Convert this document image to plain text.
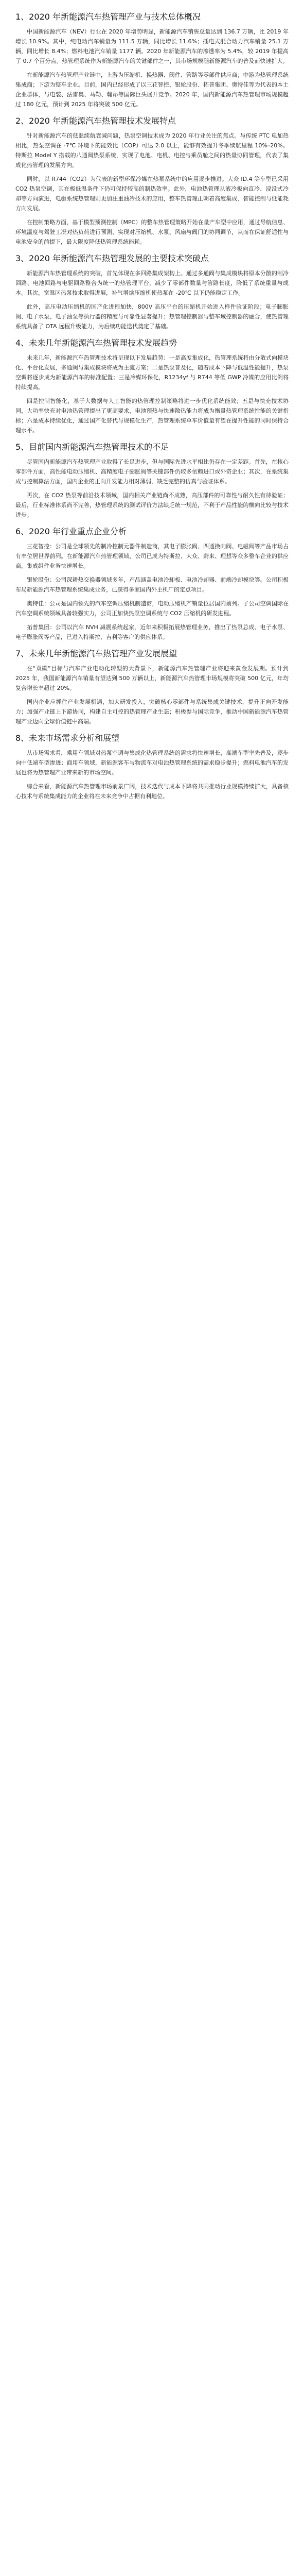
1、2020 年新能源汽车热管理产业与技术总体概况

中国新能源汽车（NEV）行业在 2020 年增势明显，新能源汽车销售总量达到 136.7 万辆，比 2019 年增长 10.9%。其中，纯电动汽车销量为 111.5 万辆，同比增长 11.6%；插电式混合动力汽车销量 25.1 万辆，同比增长 8.4%；燃料电池汽车销量 1177 辆。2020 年新能源汽车的渗透率为 5.4%，较 2019 年提高了 0.7 个百分点。热管理系统作为新能源汽车的关键部件之一，其市场规模随新能源汽车的普及而快速扩大。

在新能源汽车热管理产业链中，上游为压缩机、换热器、阀件、管路等零部件供应商；中游为热管理系统集成商；下游为整车企业。目前，国内已经形成了以三花智控、银轮股份、拓普集团、奥特佳等为代表的本土企业群体，与电装、法雷奥、马勒、翰昂等国际巨头展开竞争。2020 年，国内新能源汽车热管理市场规模超过 180 亿元，预计到 2025 年将突破 500 亿元。

2、2020 年新能源汽车热管理技术发展特点

针对新能源汽车的低温续航衰减问题，热泵空调技术成为 2020 年行业关注的焦点。与传统 PTC 电加热相比，热泵空调在 -7℃ 环境下的能效比（COP）可达 2.0 以上，能够有效提升冬季续航里程 10%–20%。特斯拉 Model Y 搭载的八通阀热泵系统，实现了电池、电机、电控与乘员舱之间的热量协同管理，代表了集成化热管理的发展方向。

同时，以 R744（CO2）为代表的新型环保冷媒在热泵系统中的应用逐步推进。大众 ID.4 等车型已采用 CO2 热泵空调，其在极低温条件下仍可保持较高的制热效率。此外，电池热管理从液冷板向直冷、浸没式冷却等方向演进，电驱系统热管理则更加注重油冷技术的应用，整车热管理正朝着高度集成、智能控制与低能耗方向发展。

在控制策略方面，基于模型预测控制（MPC）的整车热管理策略开始在量产车型中应用，通过导航信息、环境温度与驾驶工况对热负荷进行预测，实现对压缩机、水泵、风扇与阀门的协同调节，从而在保证舒适性与电池安全的前提下，最大限度降低热管理系统能耗。

3、2020 年新能源汽车热管理发展的主要技术突破点

新能源汽车热管理系统的突破，首先体现在多回路集成架构上。通过多通阀与集成模块将原本分散的制冷回路、电池回路与电驱回路整合为统一的热管理平台，减少了零部件数量与管路长度，降低了系统重量与成本。其次，宽温区热泵技术取得进展，补气增焓压缩机使热泵在 -20℃ 以下仍能稳定工作。

此外，高压电动压缩机的国产化进程加快，800V 高压平台的压缩机开始进入样件验证阶段；电子膨胀阀、电子水泵、电子油泵等执行器的精度与可靠性显著提升；热管理控制器与整车域控制器的融合，使热管理系统具备了 OTA 远程升级能力，为后续功能迭代奠定了基础。

4、未来几年新能源汽车热管理技术发展趋势

未来几年，新能源汽车热管理技术将呈现以下发展趋势：一是高度集成化，热管理系统将由分散式向模块化、平台化发展，多通阀与集成模块将成为主流方案；二是热泵普及化，随着成本下降与低温性能提升，热泵空调将逐步成为新能源汽车的标准配置；三是冷媒环保化，R1234yf 与 R744 等低 GWP 冷媒的应用比例将持续提高。

四是控制智能化，基于大数据与人工智能的热管理控制策略将进一步优化系统能效；五是与快充技术协同，大功率快充对电池热管理提出了更高要求，电池预热与快速散热能力将成为衡量热管理系统性能的关键指标；六是成本持续优化，通过国产化替代与规模化生产，热管理系统单车价值量有望在提升性能的同时保持合理水平。

5、目前国内新能源汽车热管理技术的不足

尽管国内新能源汽车热管理产业取得了长足进步，但与国际先进水平相比仍存在一定差距。首先，在核心零部件方面，高性能电动压缩机、高精度电子膨胀阀等关键部件仍较多依赖进口或外资企业；其次，在系统集成与控制算法方面，国内企业的正向开发能力相对薄弱，缺乏完整的仿真与验证体系。

再次，在 CO2 热泵等前沿技术领域，国内相关产业链尚不成熟，高压部件的可靠性与耐久性有待验证；最后，行业标准体系尚不完善，热管理系统的测试评价方法缺乏统一规范，不利于产品性能的横向比较与技术进步。

6、2020 年行业重点企业分析

三花智控：公司是全球领先的制冷控制元器件制造商，其电子膨胀阀、四通换向阀、电磁阀等产品市场占有率位居世界前列。在新能源汽车热管理领域，公司已成为特斯拉、大众、蔚来、理想等众多整车企业的供应商，集成组件业务快速增长。

银轮股份：公司深耕热交换器领域多年，产品涵盖电池冷却板、电池冷却器、前端冷却模块等。公司积极布局新能源汽车热管理系统集成业务，已获得多家国内外主机厂的定点项目。

奥特佳：公司是国内领先的汽车空调压缩机制造商，电动压缩机产销量位居国内前列。子公司空调国际在汽车空调系统领域具备较强实力，公司正加快热泵空调系统与 CO2 压缩机的研发进程。

拓普集团：公司以汽车 NVH 减震系统起家，近年来积极拓展热管理业务，推出了热泵总成、电子水泵、电子膨胀阀等产品，已进入特斯拉、吉利等客户的供应体系。

7、未来几年新能源汽车热管理产业发展展望

在“双碳”目标与汽车产业电动化转型的大背景下，新能源汽车热管理产业将迎来黄金发展期。预计到 2025 年，我国新能源汽车销量有望达到 500 万辆以上，新能源汽车热管理市场规模将突破 500 亿元，年均复合增长率超过 20%。

国内企业应抓住产业发展机遇，加大研发投入，突破核心零部件与系统集成关键技术，提升正向开发能力；加强产业链上下游协同，构建自主可控的热管理产业生态；积极参与国际竞争，推动中国新能源汽车热管理产业迈向全球价值链中高端。

8、未来市场需求分析和展望

从市场需求看，乘用车领域对热泵空调与集成化热管理系统的需求将快速增长，高端车型率先普及，逐步向中低端车型渗透；商用车领域，新能源客车与物流车对电池热管理系统的需求稳步提升；燃料电池汽车的发展也将为热管理产业带来新的市场空间。

综合来看，新能源汽车热管理市场前景广阔，技术迭代与成本下降将共同推动行业规模持续扩大，具备核心技术与系统集成能力的企业将在未来竞争中占据有利地位。
